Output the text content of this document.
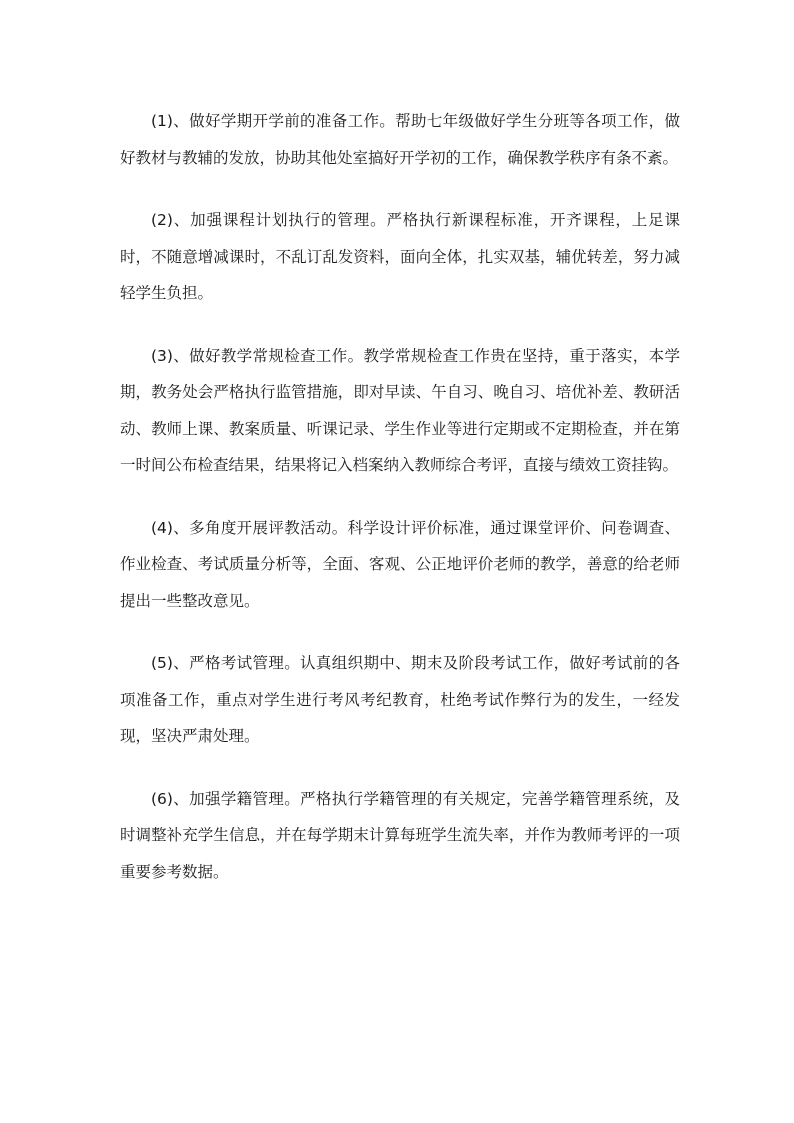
(1)、做好学期开学前的准备工作。帮助七年级做好学生分班等各项工作，做好教材与教辅的发放，协助其他处室搞好开学初的工作，确保教学秩序有条不紊。

(2)、加强课程计划执行的管理。严格执行新课程标准，开齐课程，上足课时，不随意增减课时，不乱订乱发资料，面向全体，扎实双基，辅优转差，努力减轻学生负担。

(3)、做好教学常规检查工作。教学常规检查工作贵在坚持，重于落实，本学期，教务处会严格执行监管措施，即对早读、午自习、晚自习、培优补差、教研活动、教师上课、教案质量、听课记录、学生作业等进行定期或不定期检查，并在第一时间公布检查结果，结果将记入档案纳入教师综合考评，直接与绩效工资挂钩。

(4)、多角度开展评教活动。科学设计评价标准，通过课堂评价、问卷调查、作业检查、考试质量分析等，全面、客观、公正地评价老师的教学，善意的给老师提出一些整改意见。

(5)、严格考试管理。认真组织期中、期末及阶段考试工作，做好考试前的各项准备工作，重点对学生进行考风考纪教育，杜绝考试作弊行为的发生，一经发现，坚决严肃处理。

(6)、加强学籍管理。严格执行学籍管理的有关规定，完善学籍管理系统，及时调整补充学生信息，并在每学期末计算每班学生流失率，并作为教师考评的一项重要参考数据。
